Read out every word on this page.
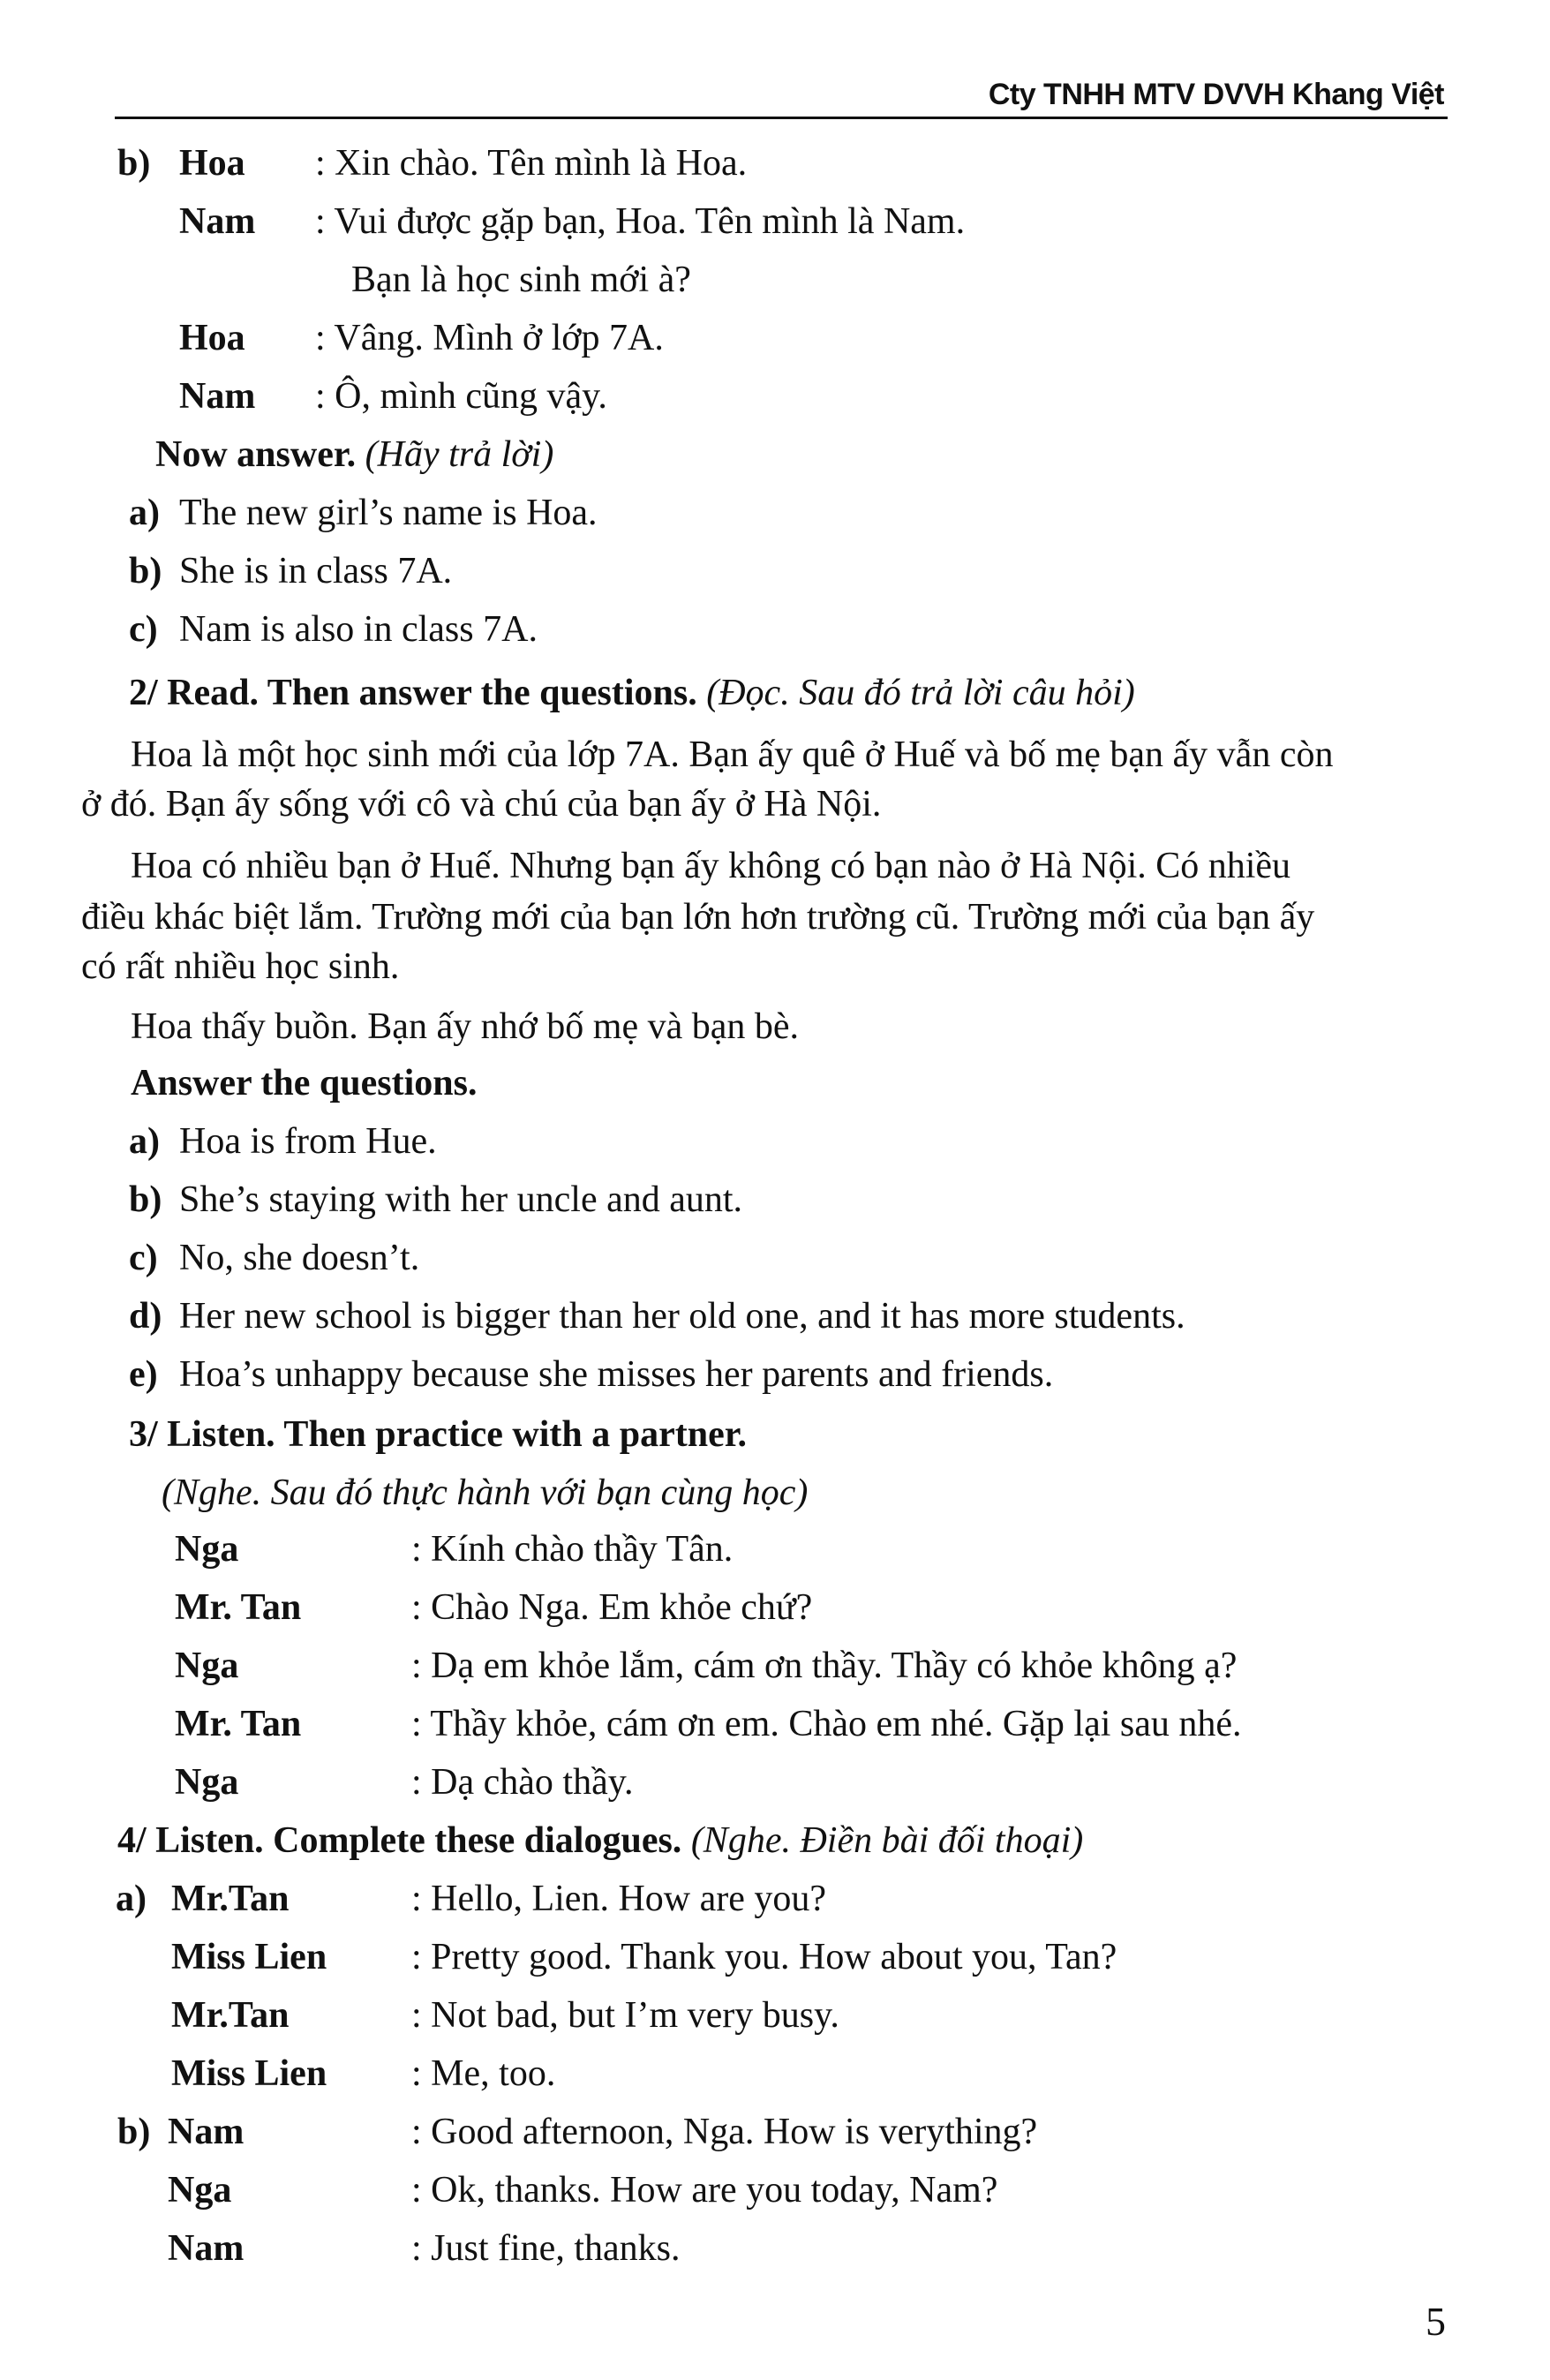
Cty TNHH MTV DVVH Khang Việt
b) Hoa : Xin chào. Tên mình là Hoa.
Nam : Vui được gặp bạn, Hoa. Tên mình là Nam.
Bạn là học sinh mới à?
Hoa : Vâng. Mình ở lớp 7A.
Nam : Ô, mình cũng vậy.
Now answer. (Hãy trả lời)
a) The new girl’s name is Hoa.
b) She is in class 7A.
c) Nam is also in class 7A.
2/ Read. Then answer the questions. (Đọc. Sau đó trả lời câu hỏi)
Hoa là một học sinh mới của lớp 7A. Bạn ấy quê ở Huế và bố mẹ bạn ấy vẫn còn
ở đó. Bạn ấy sống với cô và chú của bạn ấy ở Hà Nội.
Hoa có nhiều bạn ở Huế. Nhưng bạn ấy không có bạn nào ở Hà Nội. Có nhiều
điều khác biệt lắm. Trường mới của bạn lớn hơn trường cũ. Trường mới của bạn ấy
có rất nhiều học sinh.
Hoa thấy buồn. Bạn ấy nhớ bố mẹ và bạn bè.
Answer the questions.
a) Hoa is from Hue.
b) She’s staying with her uncle and aunt.
c) No, she doesn’t.
d) Her new school is bigger than her old one, and it has more students.
e) Hoa’s unhappy because she misses her parents and friends.
3/ Listen. Then practice with a partner.
(Nghe. Sau đó thực hành với bạn cùng học)
Nga	: Kính chào thầy Tân.
Mr. Tan	: Chào Nga. Em khỏe chứ?
Nga	: Dạ em khỏe lắm, cám ơn thầy. Thầy có khỏe không ạ?
Mr. Tan	: Thầy khỏe, cám ơn em. Chào em nhé. Gặp lại sau nhé.
Nga	: Dạ chào thầy.
4/ Listen. Complete these dialogues. (Nghe. Điền bài đối thoại)
a) Mr.Tan	: Hello, Lien. How are you?
Miss Lien : Pretty good. Thank you. How about you, Tan?
Mr.Tan	: Not bad, but I’m very busy.
Miss Lien : Me, too.
b) Nam	: Good afternoon, Nga. How is verything?
Nga	: Ok, thanks. How are you today, Nam?
Nam	: Just fine, thanks.
5
